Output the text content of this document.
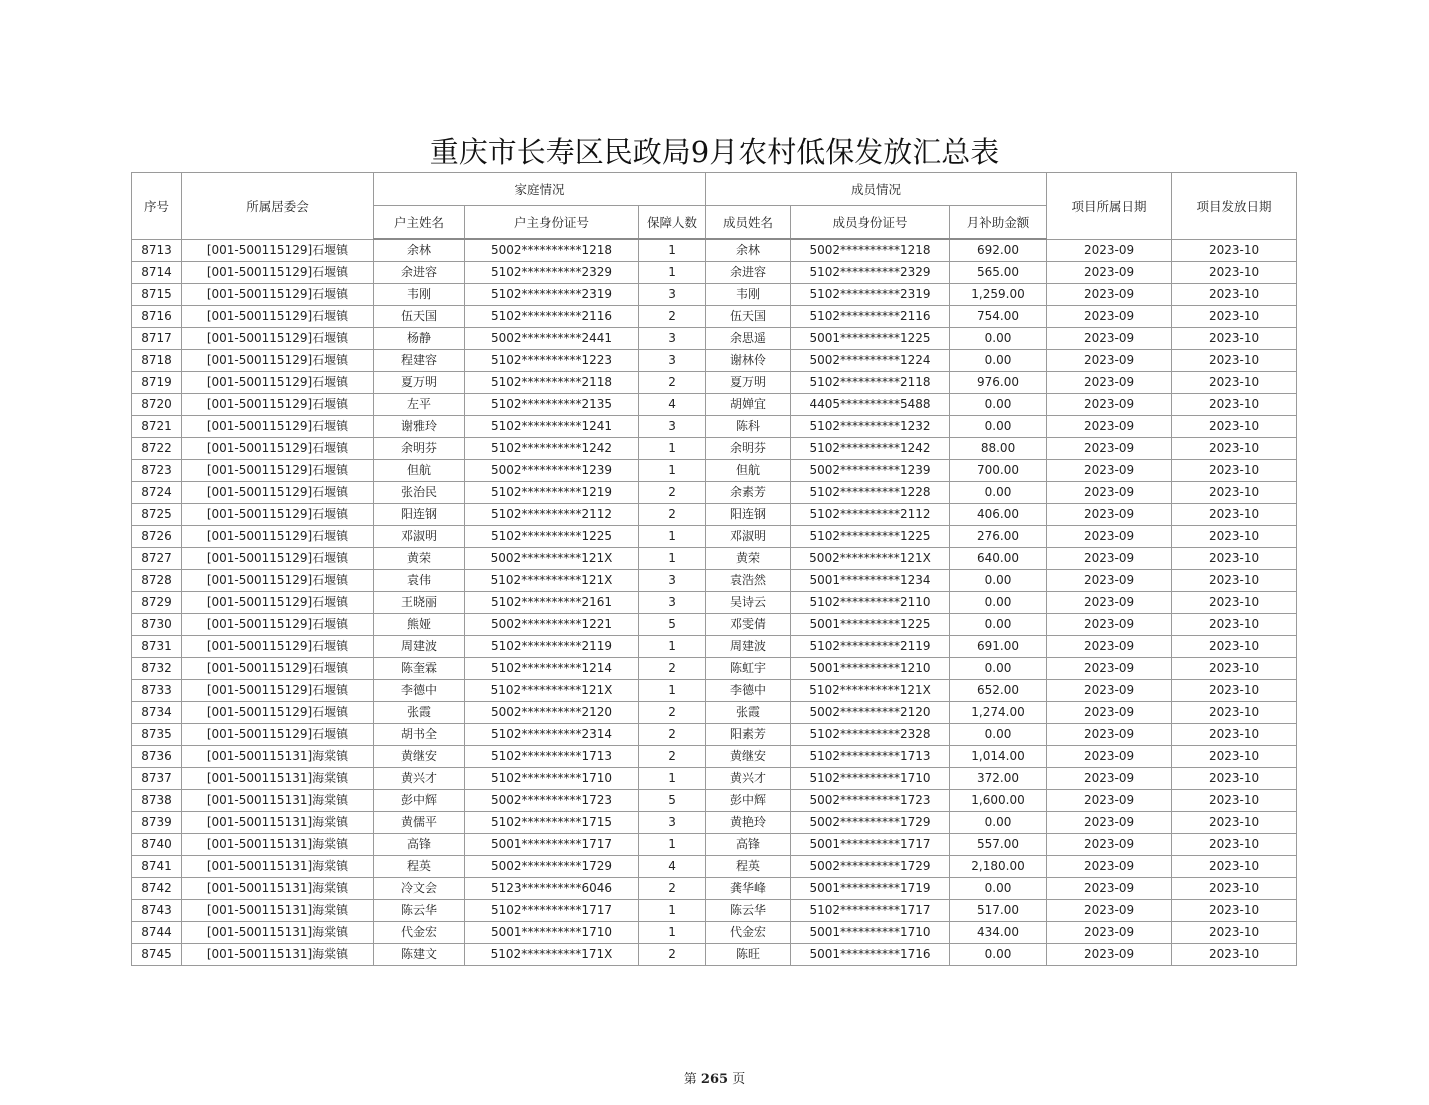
重庆市长寿区民政局9月农村低保发放汇总表
序号	所属居委会	家庭情况			成员情况			项目所属日期	项目发放日期
		户主姓名	户主身份证号	保障人数	成员姓名	成员身份证号	月补助金额		
8713	[001-500115129]石堰镇	余林	5002**********1218	1	余林	5002**********1218	692.00	2023-09	2023-10
8714	[001-500115129]石堰镇	余进容	5102**********2329	1	余进容	5102**********2329	565.00	2023-09	2023-10
8715	[001-500115129]石堰镇	韦刚	5102**********2319	3	韦刚	5102**********2319	1,259.00	2023-09	2023-10
8716	[001-500115129]石堰镇	伍天国	5102**********2116	2	伍天国	5102**********2116	754.00	2023-09	2023-10
8717	[001-500115129]石堰镇	杨静	5002**********2441	3	余思遥	5001**********1225	0.00	2023-09	2023-10
8718	[001-500115129]石堰镇	程建容	5102**********1223	3	谢林伶	5002**********1224	0.00	2023-09	2023-10
8719	[001-500115129]石堰镇	夏万明	5102**********2118	2	夏万明	5102**********2118	976.00	2023-09	2023-10
8720	[001-500115129]石堰镇	左平	5102**********2135	4	胡婵宜	4405**********5488	0.00	2023-09	2023-10
8721	[001-500115129]石堰镇	谢雅玲	5102**********1241	3	陈科	5102**********1232	0.00	2023-09	2023-10
8722	[001-500115129]石堰镇	余明芬	5102**********1242	1	余明芬	5102**********1242	88.00	2023-09	2023-10
8723	[001-500115129]石堰镇	但航	5002**********1239	1	但航	5002**********1239	700.00	2023-09	2023-10
8724	[001-500115129]石堰镇	张治民	5102**********1219	2	余素芳	5102**********1228	0.00	2023-09	2023-10
8725	[001-500115129]石堰镇	阳连钢	5102**********2112	2	阳连钢	5102**********2112	406.00	2023-09	2023-10
8726	[001-500115129]石堰镇	邓淑明	5102**********1225	1	邓淑明	5102**********1225	276.00	2023-09	2023-10
8727	[001-500115129]石堰镇	黄荣	5002**********121X	1	黄荣	5002**********121X	640.00	2023-09	2023-10
8728	[001-500115129]石堰镇	袁伟	5102**********121X	3	袁浩然	5001**********1234	0.00	2023-09	2023-10
8729	[001-500115129]石堰镇	王晓丽	5102**********2161	3	吴诗云	5102**********2110	0.00	2023-09	2023-10
8730	[001-500115129]石堰镇	熊娅	5002**********1221	5	邓雯倩	5001**********1225	0.00	2023-09	2023-10
8731	[001-500115129]石堰镇	周建波	5102**********2119	1	周建波	5102**********2119	691.00	2023-09	2023-10
8732	[001-500115129]石堰镇	陈奎霖	5102**********1214	2	陈虹宇	5001**********1210	0.00	2023-09	2023-10
8733	[001-500115129]石堰镇	李德中	5102**********121X	1	李德中	5102**********121X	652.00	2023-09	2023-10
8734	[001-500115129]石堰镇	张霞	5002**********2120	2	张霞	5002**********2120	1,274.00	2023-09	2023-10
8735	[001-500115129]石堰镇	胡书全	5102**********2314	2	阳素芳	5102**********2328	0.00	2023-09	2023-10
8736	[001-500115131]海棠镇	黄继安	5102**********1713	2	黄继安	5102**********1713	1,014.00	2023-09	2023-10
8737	[001-500115131]海棠镇	黄兴才	5102**********1710	1	黄兴才	5102**********1710	372.00	2023-09	2023-10
8738	[001-500115131]海棠镇	彭中辉	5002**********1723	5	彭中辉	5002**********1723	1,600.00	2023-09	2023-10
8739	[001-500115131]海棠镇	黄儒平	5102**********1715	3	黄艳玲	5002**********1729	0.00	2023-09	2023-10
8740	[001-500115131]海棠镇	高锋	5001**********1717	1	高锋	5001**********1717	557.00	2023-09	2023-10
8741	[001-500115131]海棠镇	程英	5002**********1729	4	程英	5002**********1729	2,180.00	2023-09	2023-10
8742	[001-500115131]海棠镇	冷文会	5123**********6046	2	龚华峰	5001**********1719	0.00	2023-09	2023-10
8743	[001-500115131]海棠镇	陈云华	5102**********1717	1	陈云华	5102**********1717	517.00	2023-09	2023-10
8744	[001-500115131]海棠镇	代金宏	5001**********1710	1	代金宏	5001**********1710	434.00	2023-09	2023-10
8745	[001-500115131]海棠镇	陈建文	5102**********171X	2	陈旺	5001**********1716	0.00	2023-09	2023-10
第 265 页
